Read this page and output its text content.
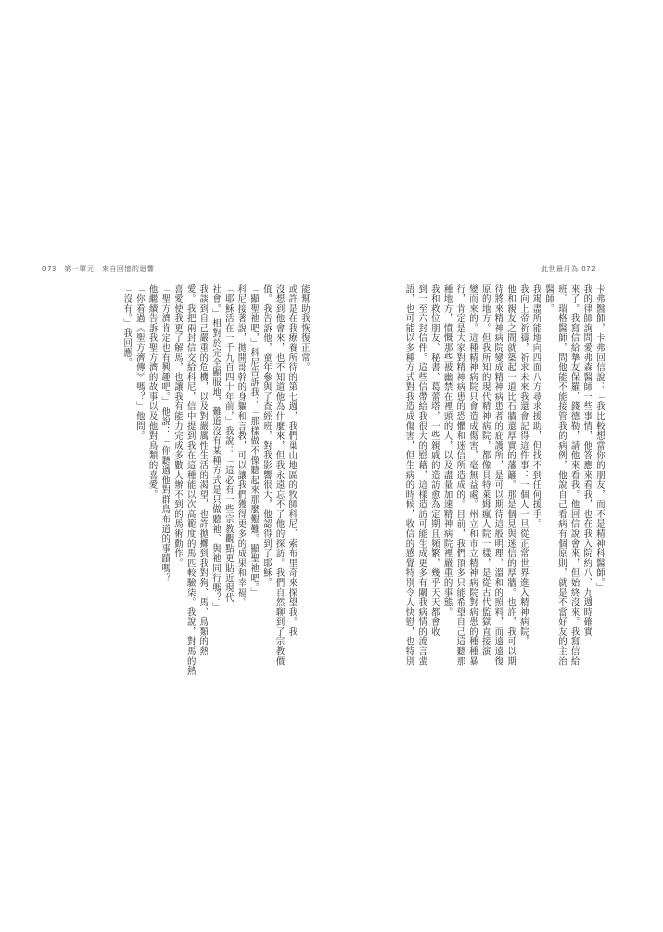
073　第一單元　來自回憶的迴響	此世最月為 072
卡弗醫師，卡弗回信說：「我比較想當你的朋友，而不是精神科醫師。」
我的律師詢問愛弗森醫師一些事情，他答應來看我，也在我入院約八、九週時確實
來了。我寫信給摯友保羅．錢德勒，請他來看我。他回信說會來，但始終沒來。我寫信給
班．瑞格醫師，問他能不能接管我的病例，他說自己看病有個原則，就是不當好友的主治
醫師。
我竭盡所能地向四面八方尋求援助，但找不到任何援手。
我向上帝祈禱，祈求未來我還會記得這件事：一個人一旦從正常世界進入精神病院，
他和親友之間就築起一道比石牆還厚實的藩籬。那是個見與迷信的厚牆。也許，我可以期
待將來精神病院變成精神病患者的庇護所，是可以期待這般明理、溫和的照料，而遠遠復
原的地方。但我所知的現代精神病院，都像貝特萊姆瘋人院一樣，是從古代監獄直接演
變而來的。這種精神病院只會造成傷害，毫無益處。州立和市立精神病院對病患的種種暴
行，肯定是大家對精神病患的恐懼和迷信所造成的。目前，我們頂多只能希望自己這聽那
種地方，憤慨那些被幽禁在裡頭的人，以及盡量加速精神病院裡嚴重的事態。
我和救位朋友、秘書、葛蕾塔，一些親戚的造訪愈為定期且頻繁，幾乎天天都會收
到一至六封信件。這些信帶給我很大的慰藉，這樣造訪可能生成更多有關我病情的流言蜚
語，也可能以多種方式對我造成傷害，但生病的時候，收信的感覺特別令人快慰，也特別
能幫助我恢復正常。
或許是在我療養所待的第七週，我們巢山地區的牧師科尼．索布里奇來探望我。我
沒想到他會來，也不知道他為什麼來，但我永遠忘不了他的探訪。我們自然聊到了宗教價
值。我告訴他，童年參與了查經班，對我影響很大，他認得到了耶穌。
「顯聖祂吧，」科尼告訴我：「那樣做不像聽起來那麼艱難。顯聖祂吧。」
科尼接著說，拋開哥幹的身軀和言教，可以讓我們獲得更多的成果和幸福。
「耶穌活在一千九百四十年前，」我說：「這必有一些宗教觀點更貼近現代
社會。」相對於完全顯服地，難道沒有某種方式是只做聽祂、與祂同行嗎？」
我談到自己嚴重的危機，以及對嚴厲性生活的渴望，也許拋擲到我對狗、馬、鳥類的熱
愛。我把兩封信交給科尼，信中提到我在這種能以次高範度的馬匹較驗柒。我說，對馬的熱
喜愛使我更了解馬，也讓我有能力完成多數人辦不到的馬術動作。
「聖方濟肯定也有興趣吧。」他說：「你聽過他對群鳥布道的事蹟嗎？
他繼續告訴我聖方濟的故事以及他對鳥類的喜愛。
「你看過《聖方濟傳》嗎？」他問。
「沒有。」我回應。
